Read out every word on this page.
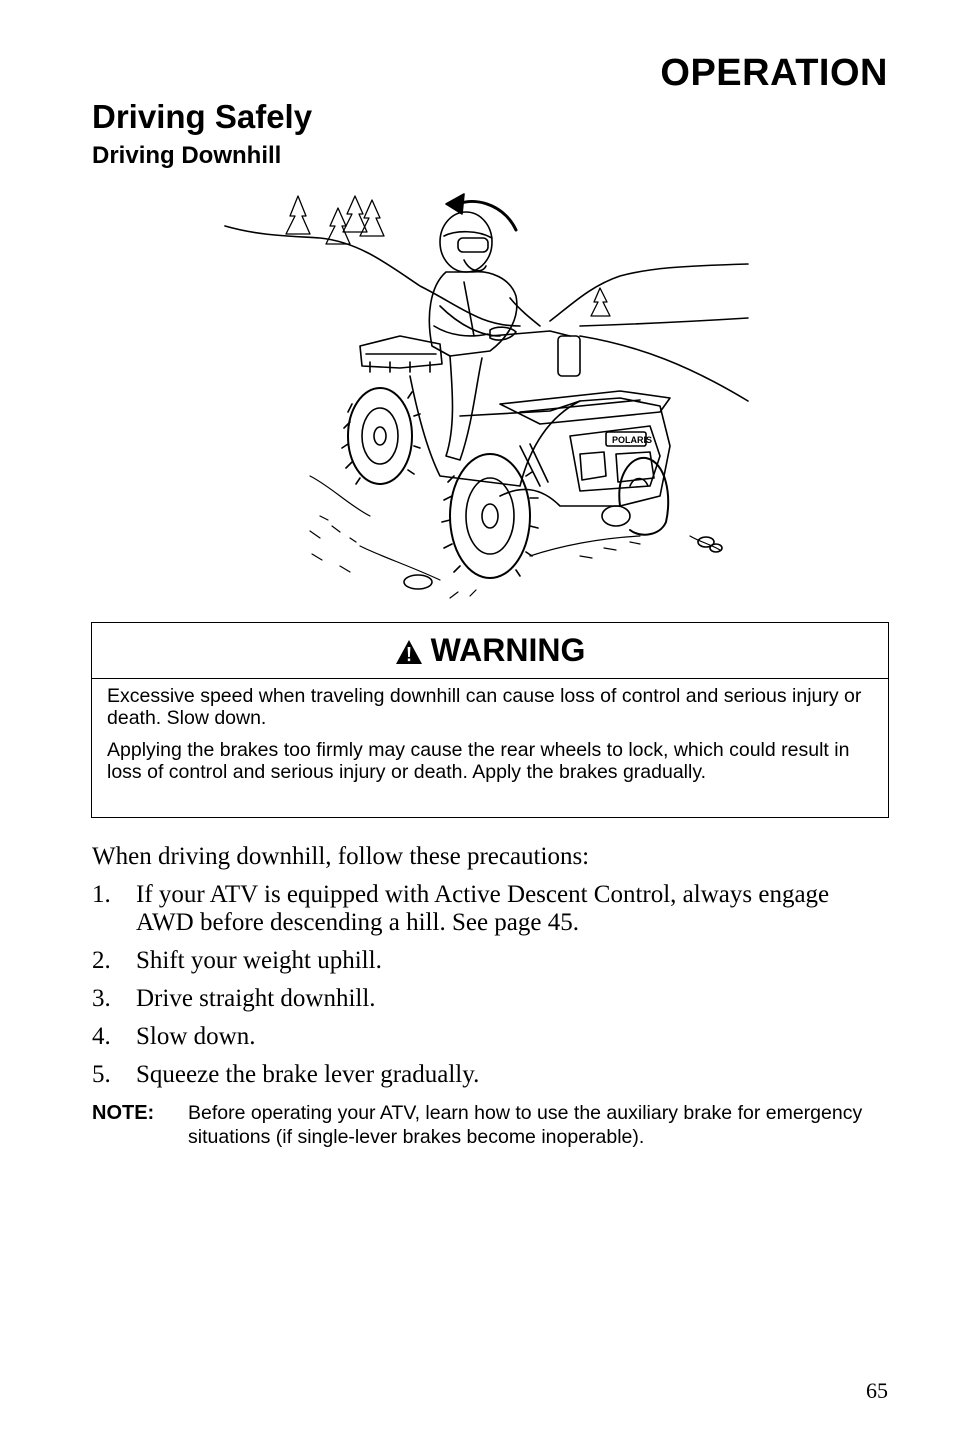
OPERATION
Driving Safely
Driving Downhill
POLARIS
WARNING

Excessive speed when traveling downhill can cause loss of control and serious injury or death. Slow down.

Applying the brakes too firmly may cause the rear wheels to lock, which could result in loss of control and serious injury or death. Apply the brakes gradually.

When driving downhill, follow these precautions:
1.	If your ATV is equipped with Active Descent Control, always engage AWD before descending a hill. See page 45.
2.	Shift your weight uphill.
3.	Drive straight downhill.
4.	Slow down.
5.	Squeeze the brake lever gradually.
NOTE:	Before operating your ATV, learn how to use the auxiliary brake for emergency situations (if single-lever brakes become inoperable).
65
